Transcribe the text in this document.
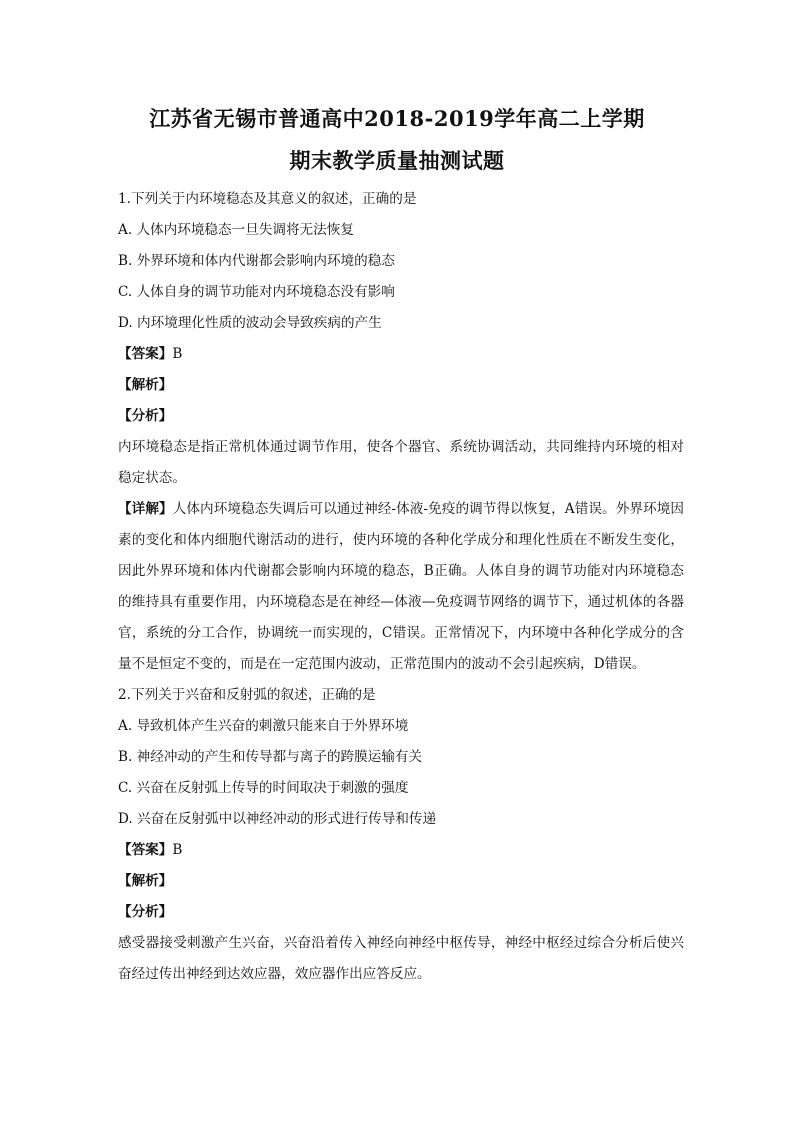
江苏省无锡市普通高中2018-2019学年高二上学期
期末教学质量抽测试题
1.下列关于内环境稳态及其意义的叙述，正确的是
A. 人体内环境稳态一旦失调将无法恢复
B. 外界环境和体内代谢都会影响内环境的稳态
C. 人体自身的调节功能对内环境稳态没有影响
D. 内环境理化性质的波动会导致疾病的产生
【答案】B
【解析】
【分析】

内环境稳态是指正常机体通过调节作用，使各个器官、系统协调活动，共同维持内环境的相对稳定状态。

【详解】人体内环境稳态失调后可以通过神经-体液-免疫的调节得以恢复，A错误。外界环境因素的变化和体内细胞代谢活动的进行，使内环境的各种化学成分和理化性质在不断发生变化，因此外界环境和体内代谢都会影响内环境的稳态，B正确。人体自身的调节功能对内环境稳态的维持具有重要作用，内环境稳态是在神经—体液—免疫调节网络的调节下，通过机体的各器官，系统的分工合作，协调统一而实现的，C错误。正常情况下，内环境中各种化学成分的含量不是恒定不变的，而是在一定范围内波动，正常范围内的波动不会引起疾病，D错误。

2.下列关于兴奋和反射弧的叙述，正确的是
A. 导致机体产生兴奋的刺激只能来自于外界环境
B. 神经冲动的产生和传导都与离子的跨膜运输有关
C. 兴奋在反射弧上传导的时间取决于刺激的强度
D. 兴奋在反射弧中以神经冲动的形式进行传导和传递
【答案】B
【解析】
【分析】

感受器接受刺激产生兴奋，兴奋沿着传入神经向神经中枢传导，神经中枢经过综合分析后使兴奋经过传出神经到达效应器，效应器作出应答反应。
